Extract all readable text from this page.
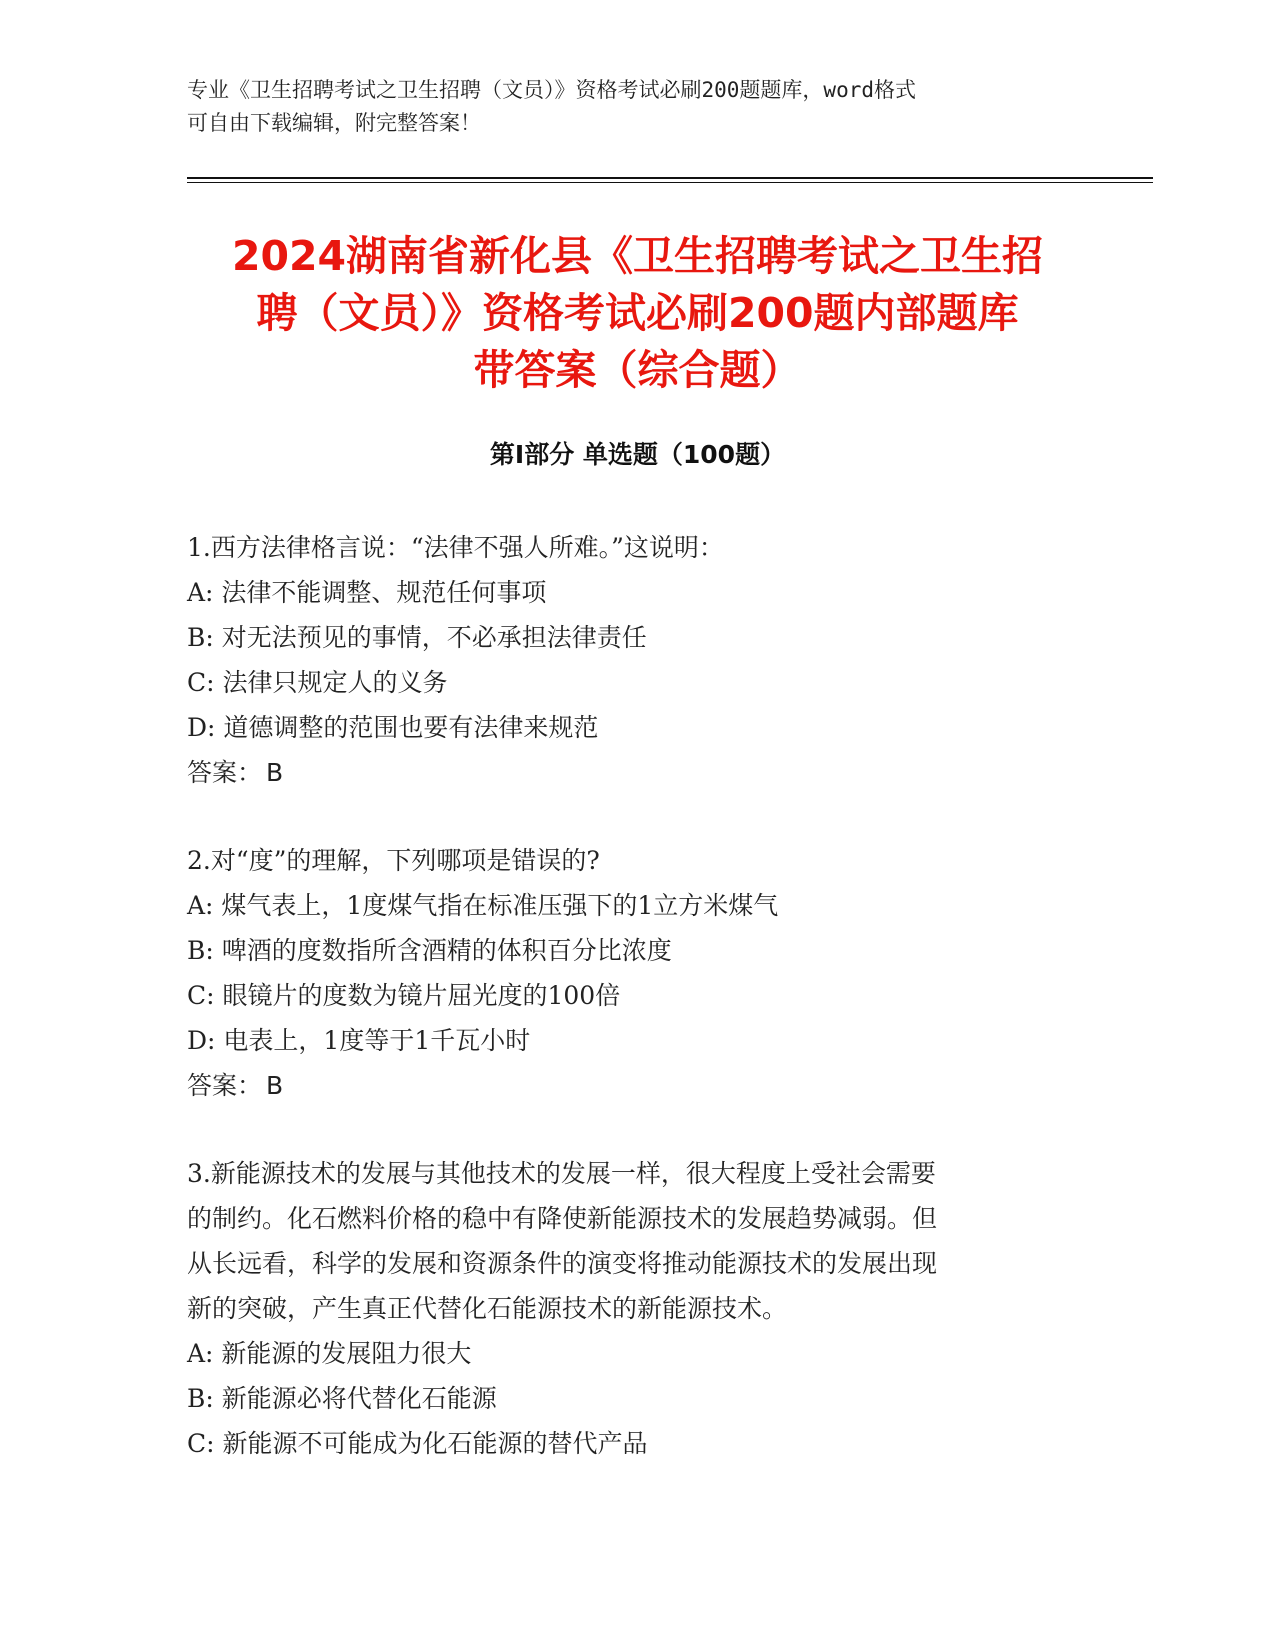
专业《卫生招聘考试之卫生招聘（文员）》资格考试必刷200题题库，word格式
可自由下载编辑，附完整答案！
2024湖南省新化县《卫生招聘考试之卫生招
聘（文员）》资格考试必刷200题内部题库
带答案（综合题）
第Ⅰ部分 单选题（100题）
1.西方法律格言说：“法律不强人所难。”这说明：
A: 法律不能调整、规范任何事项
B: 对无法预见的事情，不必承担法律责任
C: 法律只规定人的义务
D: 道德调整的范围也要有法律来规范
答案： B
2.对“度”的理解，下列哪项是错误的?
A: 煤气表上，1度煤气指在标准压强下的1立方米煤气
B: 啤酒的度数指所含酒精的体积百分比浓度
C: 眼镜片的度数为镜片屈光度的100倍
D: 电表上，1度等于1千瓦小时
答案： B
3.新能源技术的发展与其他技术的发展一样，很大程度上受社会需要
的制约。化石燃料价格的稳中有降使新能源技术的发展趋势减弱。但
从长远看，科学的发展和资源条件的演变将推动能源技术的发展出现
新的突破，产生真正代替化石能源技术的新能源技术。
A: 新能源的发展阻力很大
B: 新能源必将代替化石能源
C: 新能源不可能成为化石能源的替代产品
